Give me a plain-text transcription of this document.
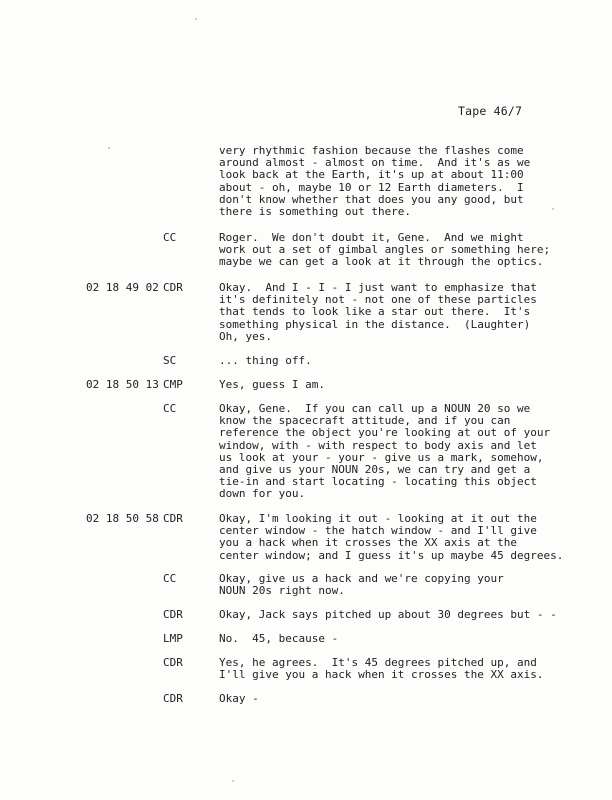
Tape 46/7
very rhythmic fashion because the flashes come
around almost - almost on time.  And it's as we
look back at the Earth, it's up at about 11:00
about - oh, maybe 10 or 12 Earth diameters.  I
don't know whether that does you any good, but
there is something out there.
CC	Roger.  We don't doubt it, Gene.  And we might
work out a set of gimbal angles or something here;
maybe we can get a look at it through the optics.
02 18 49 02 CDR	Okay.  And I - I - I just want to emphasize that
it's definitely not - not one of these particles
that tends to look like a star out there.  It's
something physical in the distance.  (Laughter)
Oh, yes.
SC	... thing off.
02 18 50 13 CMP	Yes, guess I am.
CC	Okay, Gene.  If you can call up a NOUN 20 so we
know the spacecraft attitude, and if you can
reference the object you're looking at out of your
window, with - with respect to body axis and let
us look at your - your - give us a mark, somehow,
and give us your NOUN 20s, we can try and get a
tie-in and start locating - locating this object
down for you.
02 18 50 58 CDR	Okay, I'm looking it out - looking at it out the
center window - the hatch window - and I'll give
you a hack when it crosses the XX axis at the
center window; and I guess it's up maybe 45 degrees.
CC	Okay, give us a hack and we're copying your
NOUN 20s right now.
CDR	Okay, Jack says pitched up about 30 degrees but - -
LMP	No.  45, because -
CDR	Yes, he agrees.  It's 45 degrees pitched up, and
I'll give you a hack when it crosses the XX axis.
CDR	Okay -
